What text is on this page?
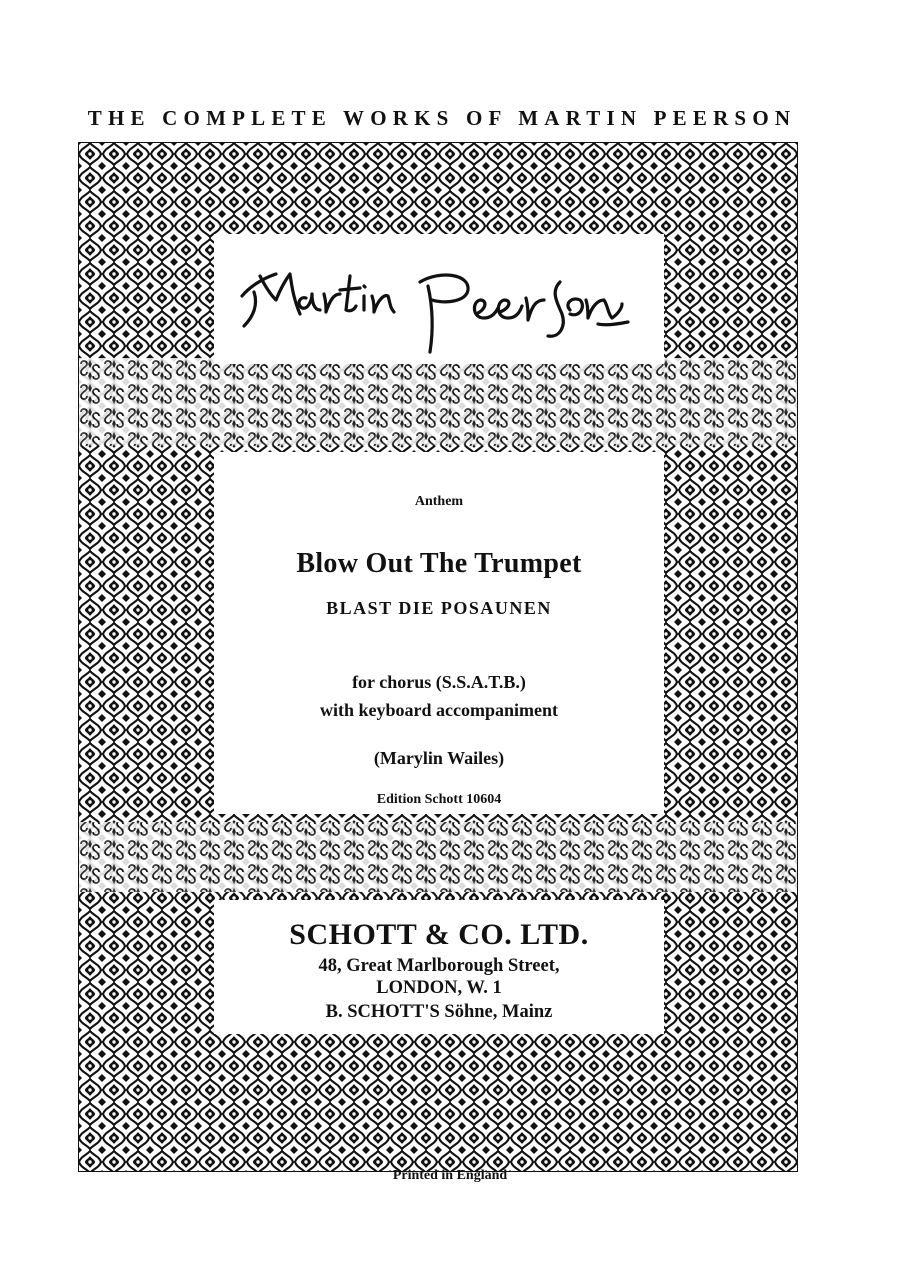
THE COMPLETE WORKS OF MARTIN PEERSON
Anthem
Blow Out The Trumpet
BLAST DIE POSAUNEN
for chorus (S.S.A.T.B.)
with keyboard accompaniment
(Marylin Wailes)
Edition Schott 10604
SCHOTT & CO. LTD.
48, Great Marlborough Street,
LONDON, W. 1
B. SCHOTT'S Söhne, Mainz
Printed in England
